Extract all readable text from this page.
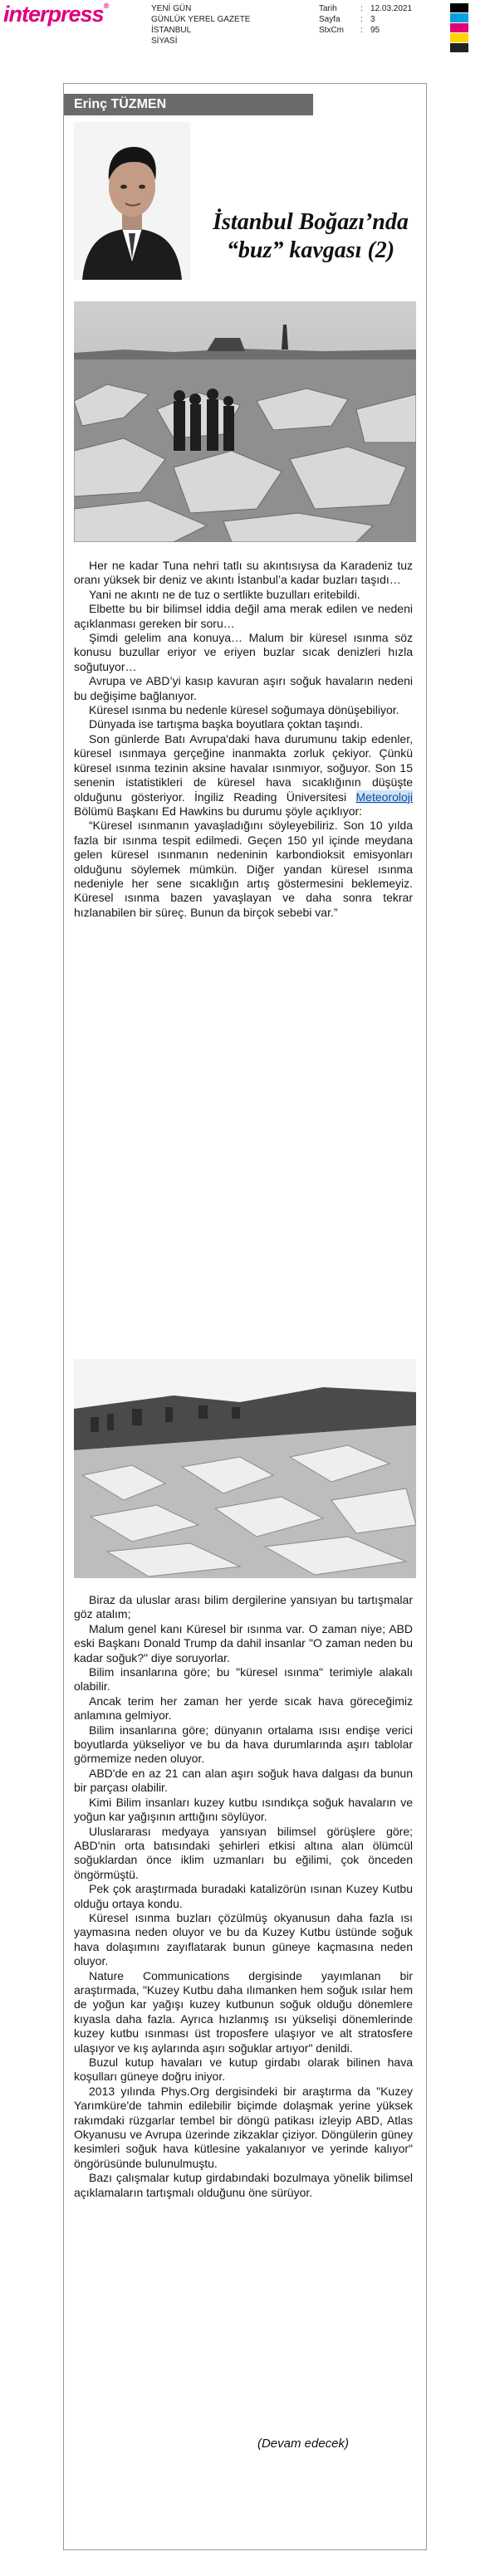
interpress®	YENİ GÜN
GÜNLÜK YEREL GAZETE
İSTANBUL
SİYASİ
Tarih	: 12.03.2021
Sayfa	: 3
StxCm	: 95
Erinç TÜZMEN
İstanbul Boğazı’nda
“buz” kavgası (2)

Her ne kadar Tuna nehri tatlı su akıntısıysa da Karadeniz tuz oranı yüksek bir deniz ve akıntı İstanbul’a kadar buzları taşıdı…

Yani ne akıntı ne de tuz o sertlikte buzulları eritebildi.

Elbette bu bir bilimsel iddia değil ama merak edilen ve nedeni açıklanması gereken bir soru…

Şimdi gelelim ana konuya… Malum bir küresel ısınma söz konusu buzullar eriyor ve eriyen buzlar sıcak denizleri hızla soğutuyor…

Avrupa ve ABD’yi kasıp kavuran aşırı soğuk havaların nedeni bu değişime bağlanıyor.

Küresel ısınma bu nedenle küresel soğumaya dönüşebiliyor.

Dünyada ise tartışma başka boyutlara çoktan taşındı.

Son günlerde Batı Avrupa'daki hava durumunu takip edenler, küresel ısınmaya gerçeğine inanmakta zorluk çekiyor. Çünkü küresel ısınma tezinin aksine havalar ısınmıyor, soğuyor. Son 15 senenin istatistikleri de küresel hava sıcaklığının düşüşte olduğunu gösteriyor. İngiliz Reading Üniversitesi Meteoroloji Bölümü Başkanı Ed Hawkins bu durumu şöyle açıklıyor:

“Küresel ısınmanın yavaşladığını söyleyebiliriz. Son 10 yılda fazla bir ısınma tespit edilmedi. Geçen 150 yıl içinde meydana gelen küresel ısınmanın nedeninin karbondioksit emisyonları olduğunu söylemek mümkün. Diğer yandan küresel ısınma nedeniyle her sene sıcaklığın artış göstermesini beklemeyiz. Küresel ısınma bazen yavaşlayan ve daha sonra tekrar hızlanabilen bir süreç. Bunun da birçok sebebi var.”

Biraz da uluslar arası bilim dergilerine yansıyan bu tartışmalar göz atalım;

Malum genel kanı Küresel bir ısınma var. O zaman niye; ABD eski Başkanı Donald Trump da dahil insanlar "O zaman neden bu kadar soğuk?" diye soruyorlar.

Bilim insanlarına göre; bu "küresel ısınma" terimiyle alakalı olabilir.

Ancak terim her zaman her yerde sıcak hava göreceğimiz anlamına gelmiyor.

Bilim insanlarına göre; dünyanın ortalama ısısı endişe verici boyutlarda yükseliyor ve bu da hava durumlarında aşırı tablolar görmemize neden oluyor.

ABD'de en az 21 can alan aşırı soğuk hava dalgası da bunun bir parçası olabilir.

Kimi Bilim insanları kuzey kutbu ısındıkça soğuk havaların ve yoğun kar yağışının arttığını söylüyor.

Uluslararası medyaya yansıyan bilimsel görüşlere göre; ABD'nin orta batısındaki şehirleri etkisi altına alan ölümcül soğuklardan önce iklim uzmanları bu eğilimi, çok önceden öngörmüştü.

Pek çok araştırmada buradaki katalizörün ısınan Kuzey Kutbu olduğu ortaya kondu.

Küresel ısınma buzları çözülmüş okyanusun daha fazla ısı yaymasına neden oluyor ve bu da Kuzey Kutbu üstünde soğuk hava dolaşımını zayıflatarak bunun güneye kaçmasına neden oluyor.

Nature Communications dergisinde yayımlanan bir araştırmada, "Kuzey Kutbu daha ılımanken hem soğuk ısılar hem de yoğun kar yağışı kuzey kutbunun soğuk olduğu dönemlere kıyasla daha fazla. Ayrıca hızlanmış ısı yükselişi dönemlerinde kuzey kutbu ısınması üst troposfere ulaşıyor ve alt stratosfere ulaşıyor ve kış aylarında aşırı soğuklar artıyor" denildi.

Buzul kutup havaları ve kutup girdabı olarak bilinen hava koşulları güneye doğru iniyor.

2013 yılında Phys.Org dergisindeki bir araştırma da "Kuzey Yarımküre'de tahmin edilebilir biçimde dolaşmak yerine yüksek rakımdaki rüzgarlar tembel bir döngü patikası izleyip ABD, Atlas Okyanusu ve Avrupa üzerinde zikzaklar çiziyor. Döngülerin güney kesimleri soğuk hava kütlesine yakalanıyor ve yerinde kalıyor" öngörüsünde bulunulmuştu.

Bazı çalışmalar kutup girdabındaki bozulmaya yönelik bilimsel açıklamaların tartışmalı olduğunu öne sürüyor.

(Devam edecek)
